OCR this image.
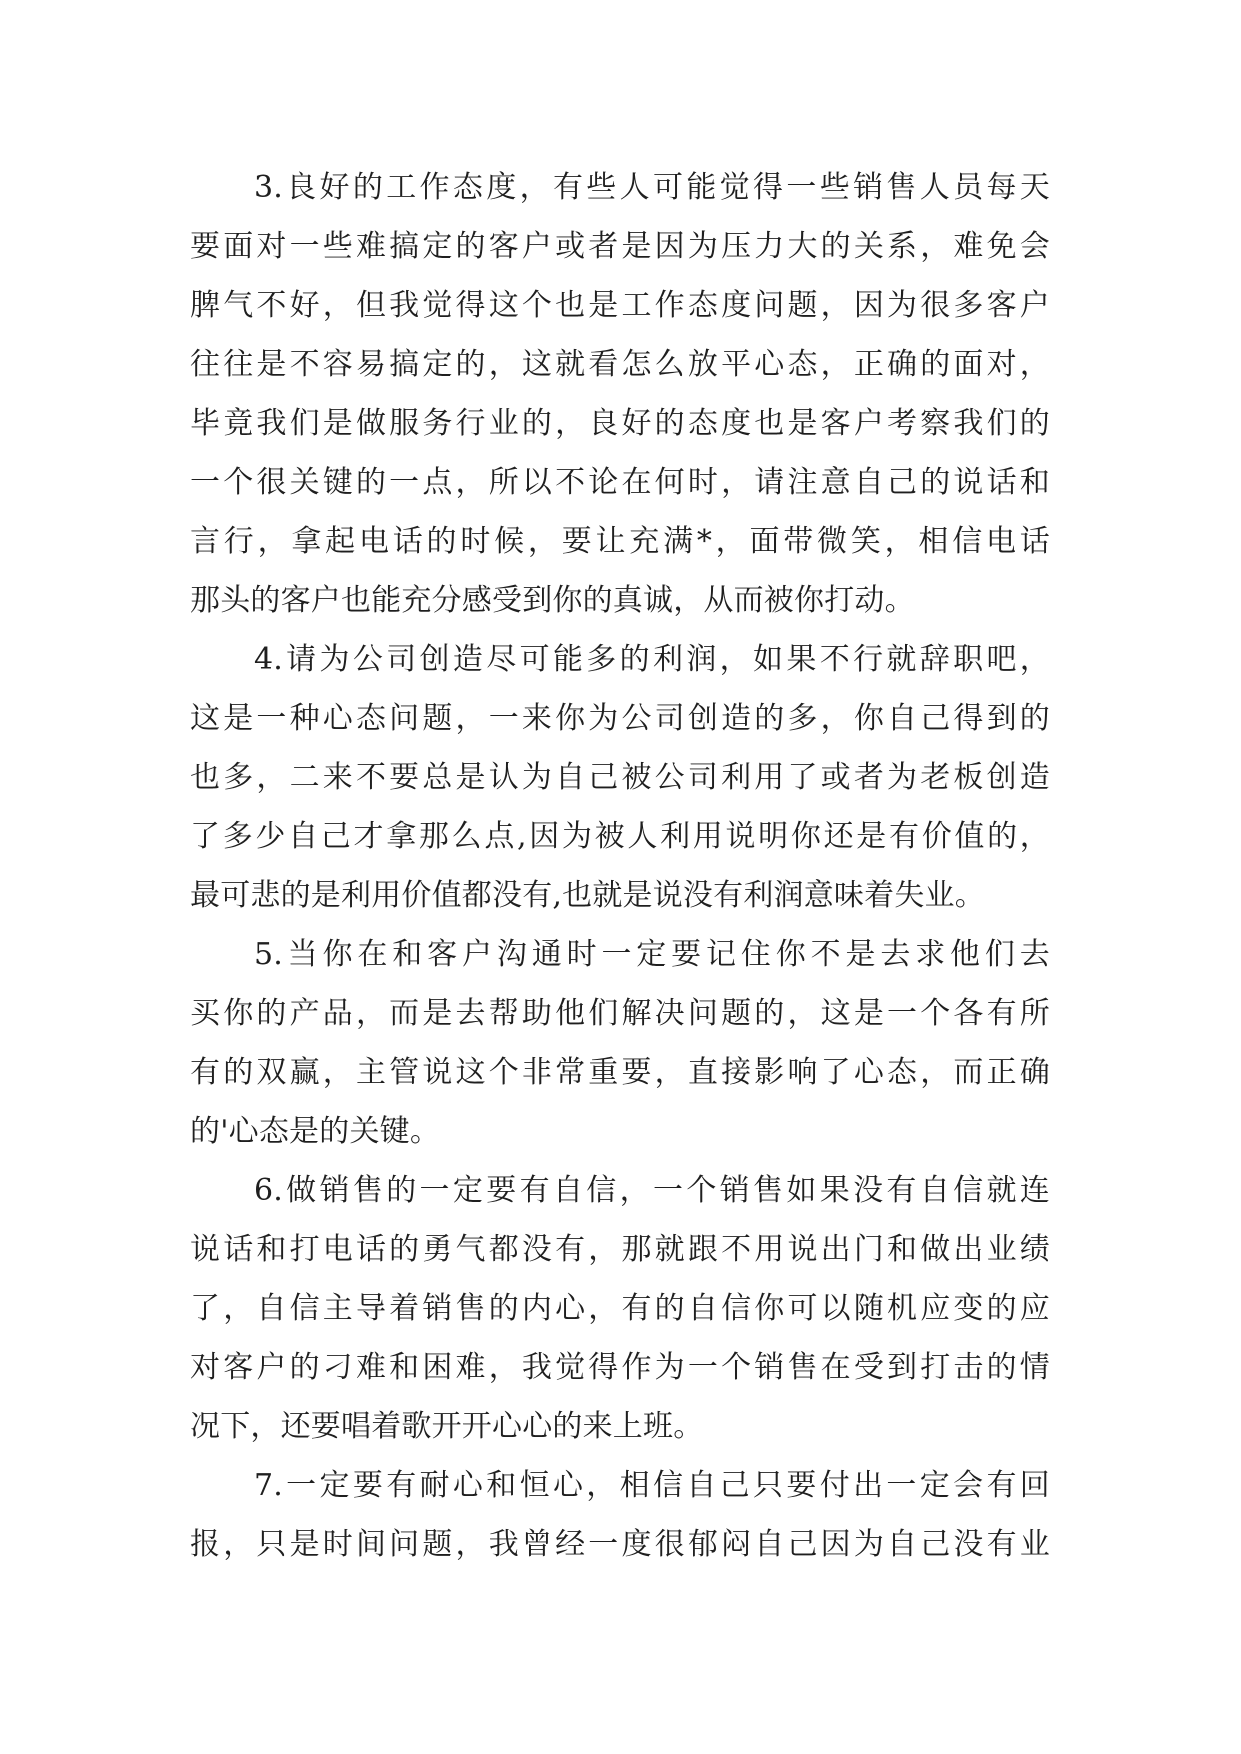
3.良好的工作态度，有些人可能觉得一些销售人员每天
要面对一些难搞定的客户或者是因为压力大的关系，难免会
脾气不好，但我觉得这个也是工作态度问题，因为很多客户
往往是不容易搞定的，这就看怎么放平心态，正确的面对，
毕竟我们是做服务行业的，良好的态度也是客户考察我们的
一个很关键的一点，所以不论在何时，请注意自己的说话和
言行，拿起电话的时候，要让充满*，面带微笑，相信电话
那头的客户也能充分感受到你的真诚，从而被你打动。
4.请为公司创造尽可能多的利润，如果不行就辞职吧，
这是一种心态问题，一来你为公司创造的多，你自己得到的
也多，二来不要总是认为自己被公司利用了或者为老板创造
了多少自己才拿那么点,因为被人利用说明你还是有价值的，
最可悲的是利用价值都没有,也就是说没有利润意味着失业。
5.当你在和客户沟通时一定要记住你不是去求他们去
买你的产品，而是去帮助他们解决问题的，这是一个各有所
有的双赢，主管说这个非常重要，直接影响了心态，而正确
的'心态是的关键。
6.做销售的一定要有自信，一个销售如果没有自信就连
说话和打电话的勇气都没有，那就跟不用说出门和做出业绩
了，自信主导着销售的内心，有的自信你可以随机应变的应
对客户的刁难和困难，我觉得作为一个销售在受到打击的情
况下，还要唱着歌开开心心的来上班。
7.一定要有耐心和恒心，相信自己只要付出一定会有回
报，只是时间问题，我曾经一度很郁闷自己因为自己没有业
